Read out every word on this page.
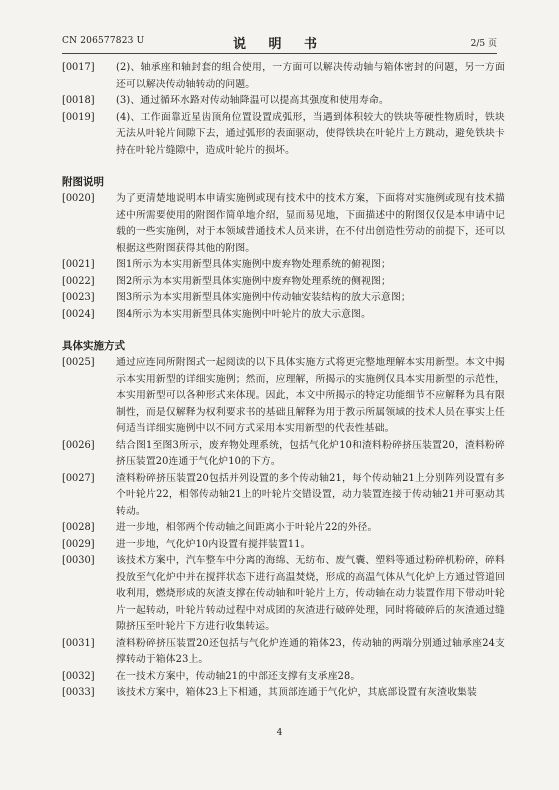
CN 206577823 U	说 明 书	2/5 页
[0017]	(2)、轴承座和轴封套的组合使用，一方面可以解决传动轴与箱体密封的问题，另一方面还可以解决传动轴转动的问题。
[0018]	(3)、通过循环水路对传动轴降温可以提高其强度和使用寿命。
[0019]	(4)、工作面靠近星齿顶角位置设置成弧形，当遇到体积较大的铁块等硬性物质时，铁块无法从叶轮片间隙下去，通过弧形的表面驱动，使得铁块在叶轮片上方跳动，避免铁块卡持在叶轮片缝隙中，造成叶轮片的损坏。
附图说明
[0020]	为了更清楚地说明本申请实施例或现有技术中的技术方案，下面将对实施例或现有技术描述中所需要使用的附图作简单地介绍，显而易见地，下面描述中的附图仅仅是本申请中记载的一些实施例，对于本领域普通技术人员来讲，在不付出创造性劳动的前提下，还可以根据这些附图获得其他的附图。
[0021]	图1所示为本实用新型具体实施例中废弃物处理系统的俯视图；
[0022]	图2所示为本实用新型具体实施例中废弃物处理系统的侧视图；
[0023]	图3所示为本实用新型具体实施例中传动轴安装结构的放大示意图；
[0024]	图4所示为本实用新型具体实施例中叶轮片的放大示意图。
具体实施方式
[0025]	通过应连同所附图式一起阅读的以下具体实施方式将更完整地理解本实用新型。本文中揭示本实用新型的详细实施例；然而，应理解，所揭示的实施例仅具本实用新型的示范性，本实用新型可以各种形式来体现。因此，本文中所揭示的特定功能细节不应解释为具有限制性，而是仅解释为权利要求书的基础且解释为用于教示所属领域的技术人员在事实上任何适当详细实施例中以不同方式采用本实用新型的代表性基础。
[0026]	结合图1至图3所示，废弃物处理系统，包括气化炉10和渣料粉碎挤压装置20，渣料粉碎挤压装置20连通于气化炉10的下方。
[0027]	渣料粉碎挤压装置20包括并列设置的多个传动轴21，每个传动轴21上分别阵列设置有多个叶轮片22，相邻传动轴21上的叶轮片交错设置，动力装置连接于传动轴21并可驱动其转动。
[0028]	进一步地，相邻两个传动轴之间距离小于叶轮片22的外径。
[0029]	进一步地，气化炉10内设置有搅拌装置11。
[0030]	该技术方案中，汽车整车中分离的海绵、无纺布、废气囊、塑料等通过粉碎机粉碎，碎料投放至气化炉中并在搅拌状态下进行高温焚烧，形成的高温气体从气化炉上方通过管道回收利用，燃烧形成的灰渣支撑在传动轴和叶轮片上方，传动轴在动力装置作用下带动叶轮片一起转动，叶轮片转动过程中对成团的灰渣进行破碎处理，同时将破碎后的灰渣通过缝隙挤压至叶轮片下方进行收集转运。
[0031]	渣料粉碎挤压装置20还包括与气化炉连通的箱体23，传动轴的两端分别通过轴承座24支撑转动于箱体23上。
[0032]	在一技术方案中，传动轴21的中部还支撑有支承座28。
[0033]	该技术方案中，箱体23上下相通，其顶部连通于气化炉，其底部设置有灰渣收集装
4
